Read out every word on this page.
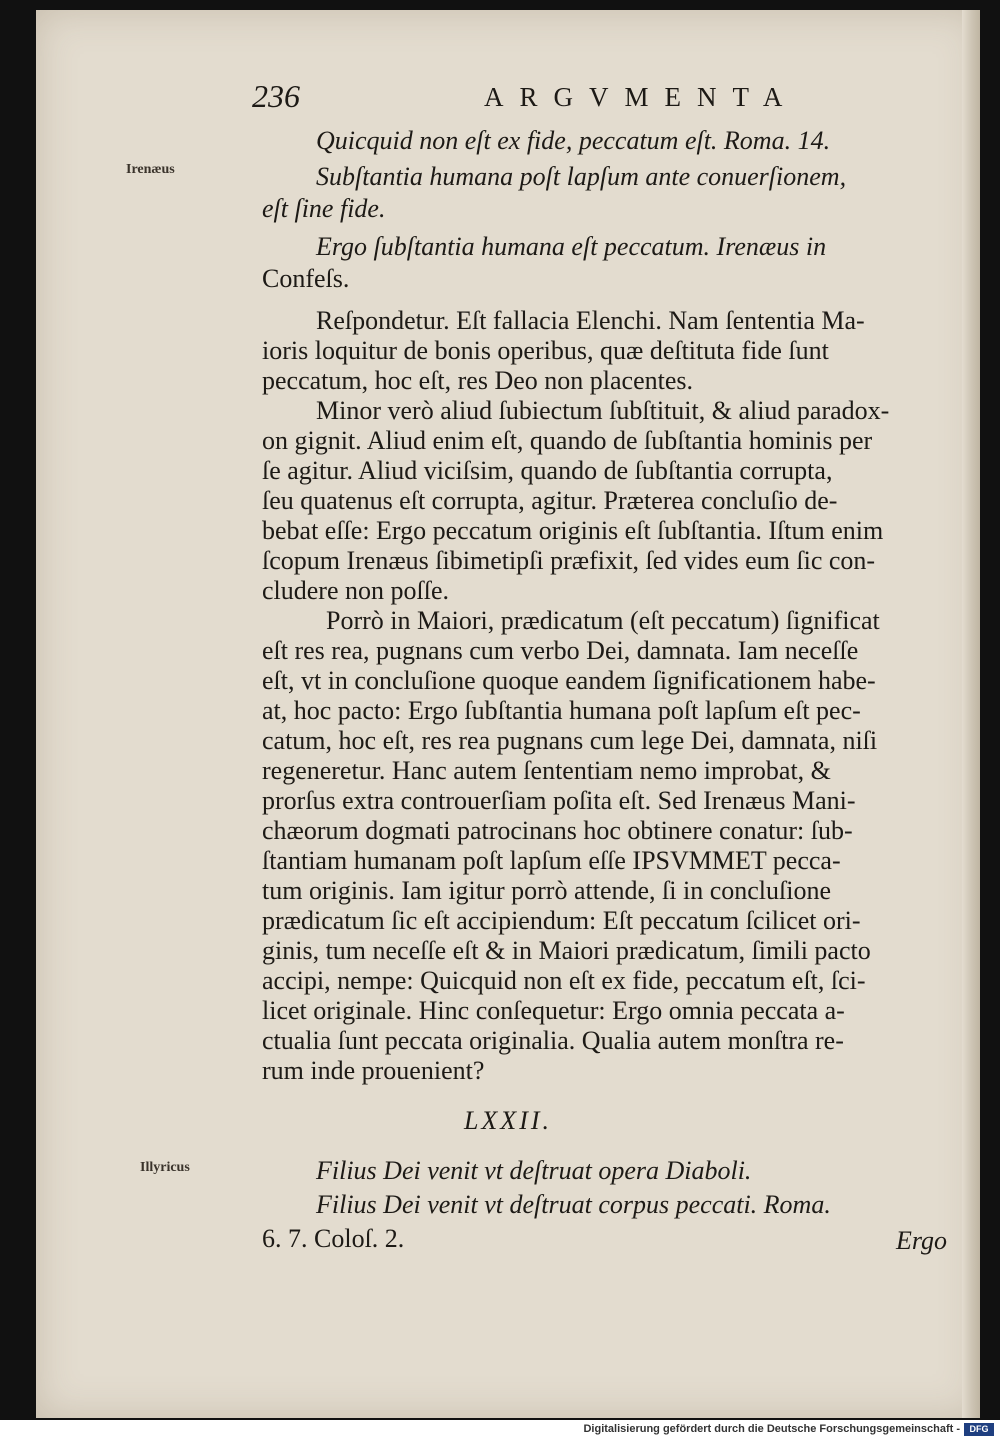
236	ARGVMENTA
Irenæus
Illyricus
Quicquid non eſt ex fide, peccatum eſt. Roma. 14.
Subſtantia humana poſt lapſum ante conuerſionem,
eſt ſine fide.
Ergo ſubſtantia humana eſt peccatum. Irenæus in
Confeſs.
Reſpondetur. Eſt fallacia Elenchi. Nam ſententia Ma-
ioris loquitur de bonis operibus, quæ deſtituta fide ſunt
peccatum, hoc eſt, res Deo non placentes.
Minor verò aliud ſubiectum ſubſtituit, & aliud paradox-
on gignit. Aliud enim eſt, quando de ſubſtantia hominis per
ſe agitur. Aliud viciſsim, quando de ſubſtantia corrupta,
ſeu quatenus eſt corrupta, agitur. Præterea concluſio de-
bebat eſſe: Ergo peccatum originis eſt ſubſtantia. Iſtum enim
ſcopum Irenæus ſibimetipſi præfixit, ſed vides eum ſic con-
cludere non poſſe.
Porrò in Maiori, prædicatum (eſt peccatum) ſignificat
eſt res rea, pugnans cum verbo Dei, damnata. Iam neceſſe
eſt, vt in concluſione quoque eandem ſignificationem habe-
at, hoc pacto: Ergo ſubſtantia humana poſt lapſum eſt pec-
catum, hoc eſt, res rea pugnans cum lege Dei, damnata, niſi
regeneretur. Hanc autem ſententiam nemo improbat, &
prorſus extra controuerſiam poſita eſt. Sed Irenæus Mani-
chæorum dogmati patrocinans hoc obtinere conatur: ſub-
ſtantiam humanam poſt lapſum eſſe IPSVMMET pecca-
tum originis. Iam igitur porrò attende, ſi in concluſione
prædicatum ſic eſt accipiendum: Eſt peccatum ſcilicet ori-
ginis, tum neceſſe eſt & in Maiori prædicatum, ſimili pacto
accipi, nempe: Quicquid non eſt ex fide, peccatum eſt, ſci-
licet originale. Hinc conſequetur: Ergo omnia peccata a-
ctualia ſunt peccata originalia. Qualia autem monſtra re-
rum inde prouenient?
LXXII.
Filius Dei venit vt deſtruat opera Diaboli.
Filius Dei venit vt deſtruat corpus peccati. Roma.
6. 7. Coloſ. 2.	Ergo
Digitalisierung gefördert durch die Deutsche Forschungsgemeinschaft -	DFG
